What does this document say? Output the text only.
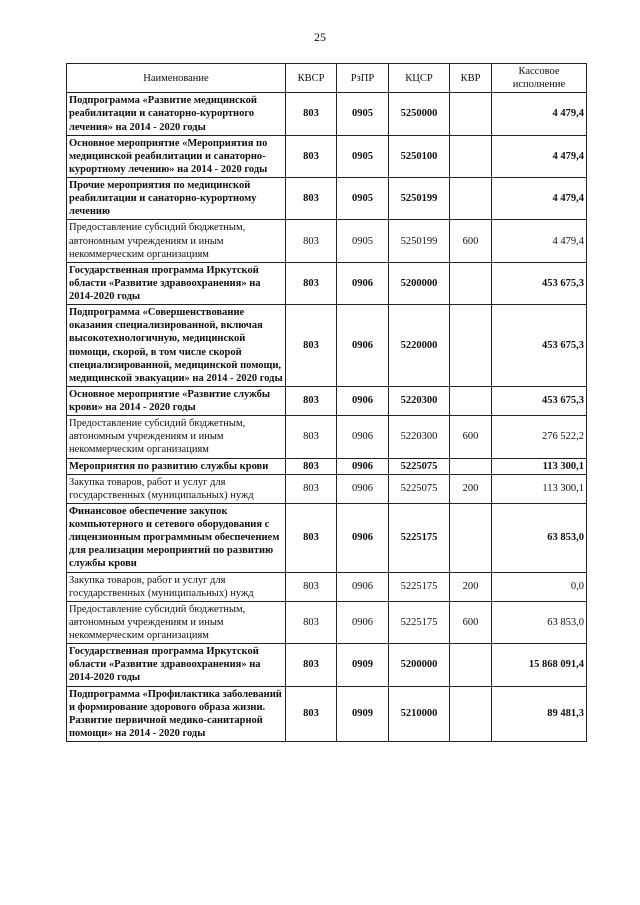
25
Наименование	КВСР	РзПР	КЦСР	КВР	Кассовое исполнение
Подпрограмма «Развитие медицинской реабилитации и санаторно-курортного лечения» на 2014 - 2020 годы	803	0905	5250000		4 479,4
Основное мероприятие «Мероприятия по медицинской реабилитации и санаторно-курортному лечению» на 2014 - 2020 годы	803	0905	5250100		4 479,4
Прочие мероприятия по медицинской реабилитации и санаторно-курортному лечению	803	0905	5250199		4 479,4
Предоставление субсидий бюджетным, автономным учреждениям и иным некоммерческим организациям	803	0905	5250199	600	4 479,4
Государственная программа Иркутской области «Развитие здравоохранения» на 2014-2020 годы	803	0906	5200000		453 675,3
Подпрограмма «Совершенствование оказания специализированной, включая высокотехнологичную, медицинской помощи, скорой, в том числе скорой специализированной, медицинской помощи, медицинской эвакуации» на 2014 - 2020 годы	803	0906	5220000		453 675,3
Основное мероприятие «Развитие службы крови» на 2014 - 2020 годы	803	0906	5220300		453 675,3
Предоставление субсидий бюджетным, автономным учреждениям и иным некоммерческим организациям	803	0906	5220300	600	276 522,2
Мероприятия по развитию службы крови	803	0906	5225075		113 300,1
Закупка товаров, работ и услуг для государственных (муниципальных) нужд	803	0906	5225075	200	113 300,1
Финансовое обеспечение закупок компьютерного и сетевого оборудования с лицензионным программным обеспечением для реализации мероприятий по развитию службы крови	803	0906	5225175		63 853,0
Закупка товаров, работ и услуг для государственных (муниципальных) нужд	803	0906	5225175	200	0,0
Предоставление субсидий бюджетным, автономным учреждениям и иным некоммерческим организациям	803	0906	5225175	600	63 853,0
Государственная программа Иркутской области «Развитие здравоохранения» на 2014-2020 годы	803	0909	5200000		15 868 091,4
Подпрограмма «Профилактика заболеваний и формирование здорового образа жизни. Развитие первичной медико-санитарной помощи» на 2014 - 2020 годы	803	0909	5210000		89 481,3
